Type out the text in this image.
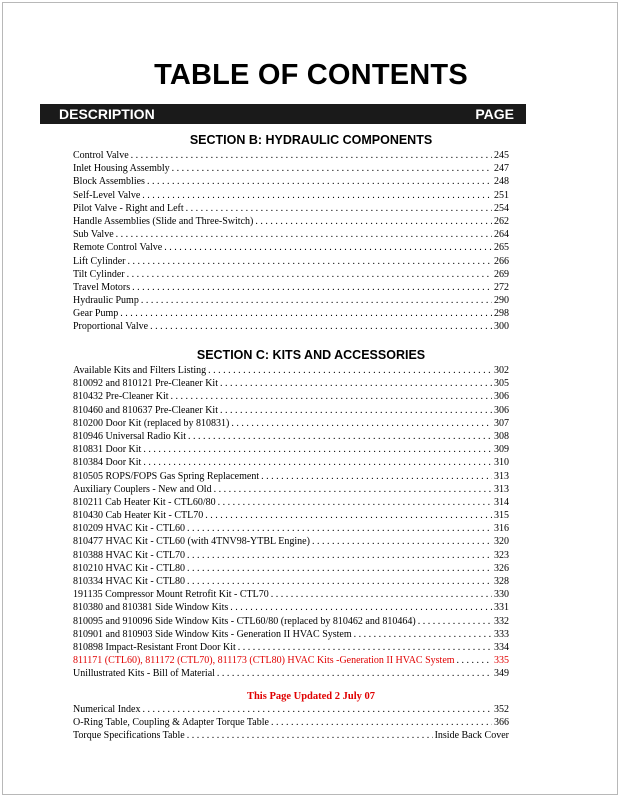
TABLE OF CONTENTS
DESCRIPTION	PAGE
SECTION B: HYDRAULIC COMPONENTS
Control Valve . . .	245
Inlet Housing Assembly . . .	247
Block Assemblies . . .	248
Self-Level Valve . . .	251
Pilot Valve - Right and Left . . .	254
Handle Assemblies (Slide and Three-Switch) . . .	262
Sub Valve . . .	264
Remote Control Valve . . .	265
Lift Cylinder . . .	266
Tilt Cylinder . . .	269
Travel Motors . . .	272
Hydraulic Pump . . .	290
Gear Pump . . .	298
Proportional Valve . . .	300
SECTION C: KITS AND ACCESSORIES
Available Kits and Filters Listing . . .	302
810092 and 810121 Pre-Cleaner Kit . . .	305
810432 Pre-Cleaner Kit . . .	306
810460 and 810637 Pre-Cleaner Kit . . .	306
810200 Door Kit (replaced by 810831) . . .	307
810946 Universal Radio Kit . . .	308
810831 Door Kit . . .	309
810384 Door Kit . . .	310
810505 ROPS/FOPS Gas Spring Replacement . . .	313
Auxiliary Couplers - New and Old . . .	313
810211 Cab Heater Kit - CTL60/80 . . .	314
810430 Cab Heater Kit - CTL70 . . .	315
810209 HVAC Kit - CTL60 . . .	316
810477 HVAC Kit - CTL60 (with 4TNV98-YTBL Engine) . . .	320
810388 HVAC Kit - CTL70 . . .	323
810210 HVAC Kit - CTL80 . . .	326
810334 HVAC Kit - CTL80 . . .	328
191135 Compressor Mount Retrofit Kit - CTL70 . . .	330
810380 and 810381 Side Window Kits . . .	331
810095 and 910096 Side Window Kits - CTL60/80 (replaced by 810462 and 810464) . . .	332
810901 and 810903 Side Window Kits - Generation II HVAC System . . .	333
810898 Impact-Resistant Front Door Kit . . .	334
811171 (CTL60), 811172 (CTL70), 811173 (CTL80) HVAC Kits -Generation II HVAC System . . .	335
Unillustrated Kits - Bill of Material . . .	349
This Page Updated 2 July 07
Numerical Index . . .	352
O-Ring Table, Coupling & Adapter Torque Table . . .	366
Torque Specifications Table . . .	Inside Back Cover
